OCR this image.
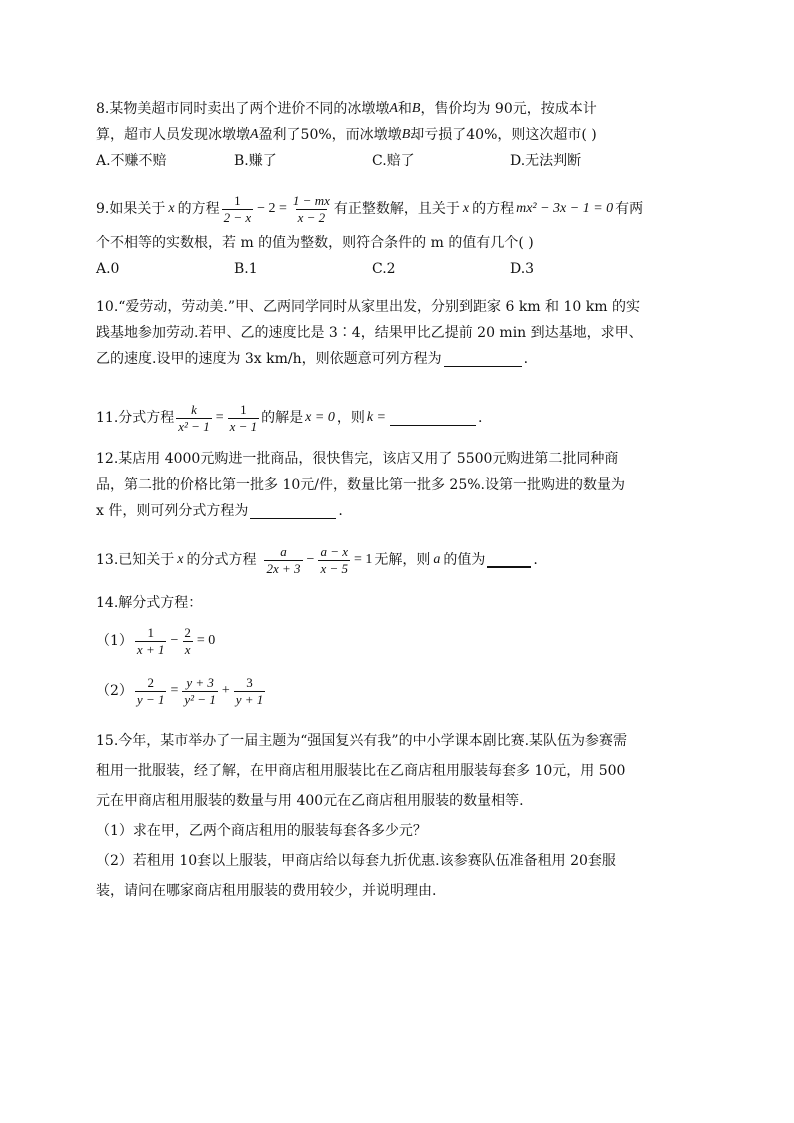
8.某物美超市同时卖出了两个进价不同的冰墩墩 A 和 B ，售价均为 90元，按成本计
算，超市人员发现冰墩墩 A 盈利了50%，而冰墩墩 B 却亏损了40%，则这次超市( )
A.不赚不赔	B.赚了	C.赔了	D.无法判断
9.如果关于 x 的方程 $\frac{1}{2 - x} - 2 = \frac{1 - mx}{x - 2}$ 有正整数解，且关于 x 的方程 mx² − 3x − 1 = 0 有两
个不相等的实数根，若 m 的值为整数，则符合条件的 m 的值有几个( )
A.0	B.1	C.2	D.3
10.“爱劳动，劳动美.”甲、乙两同学同时从家里出发，分别到距家 6 km 和 10 km 的实
践基地参加劳动.若甲、乙的速度比是 3∶4，结果甲比乙提前 20 min 到达基地，求甲、
乙的速度.设甲的速度为 3x km/h，则依题意可列方程为	.
11.分式方程 $\frac{k}{\text{x² − 1}} = \frac{1}{x - 1}$ 的解是 x = 0 ，则 k =	.
12.某店用 4000元购进一批商品，很快售完，该店又用了 5500元购进第二批同种商
品，第二批的价格比第一批多 10元/件，数量比第一批多 25%.设第一批购进的数量为
x 件，则可列分式方程为	.
13.已知关于 x 的分式方程 $\frac{a}{2x + 3} - \frac{a - x}{x - 5} = 1$ 无解，则 a 的值为	.
14.解分式方程：
$(1) \frac{1}{x + 1} - \frac{2}{x} = 0$
$(2) \frac{2}{y - 1} = \frac{y + 3}{\text{y² − 1}} + \frac{3}{y + 1}$
15.今年，某市举办了一届主题为“强国复兴有我”的中小学课本剧比赛.某队伍为参赛需
租用一批服装，经了解，在甲商店租用服装比在乙商店租用服装每套多 10元，用 500
元在甲商店租用服装的数量与用 400元在乙商店租用服装的数量相等.
（1）求在甲，乙两个商店租用的服装每套各多少元？
（2）若租用 10套以上服装，甲商店给以每套九折优惠.该参赛队伍准备租用 20套服
装，请问在哪家商店租用服装的费用较少，并说明理由.
